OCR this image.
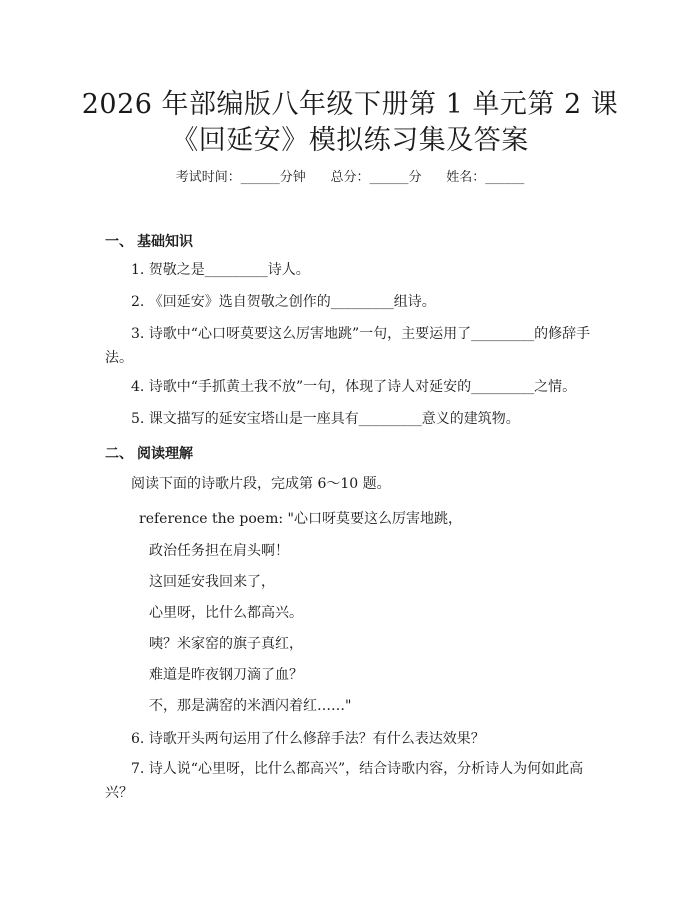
2026 年部编版八年级下册第 1 单元第 2 课
《回延安》模拟练习集及答案
考试时间：______分钟      总分：______分      姓名：______
一、 基础知识
1. 贺敬之是_________诗人。
2. 《回延安》选自贺敬之创作的_________组诗。
3. 诗歌中“心口呀莫要这么厉害地跳”一句，主要运用了_________的修辞手法。
4. 诗歌中“手抓黄土我不放”一句，体现了诗人对延安的_________之情。
5. 课文描写的延安宝塔山是一座具有_________意义的建筑物。
二、 阅读理解
阅读下面的诗歌片段，完成第 6～10 题。
reference the poem: "心口呀莫要这么厉害地跳，
政治任务担在肩头啊！
这回延安我回来了，
心里呀，比什么都高兴。
咦？米家窑的旗子真红，
难道是昨夜钢刀滴了血？
不，那是满窑的米酒闪着红……"
6. 诗歌开头两句运用了什么修辞手法？有什么表达效果？
7. 诗人说“心里呀，比什么都高兴”，结合诗歌内容，分析诗人为何如此高兴？
